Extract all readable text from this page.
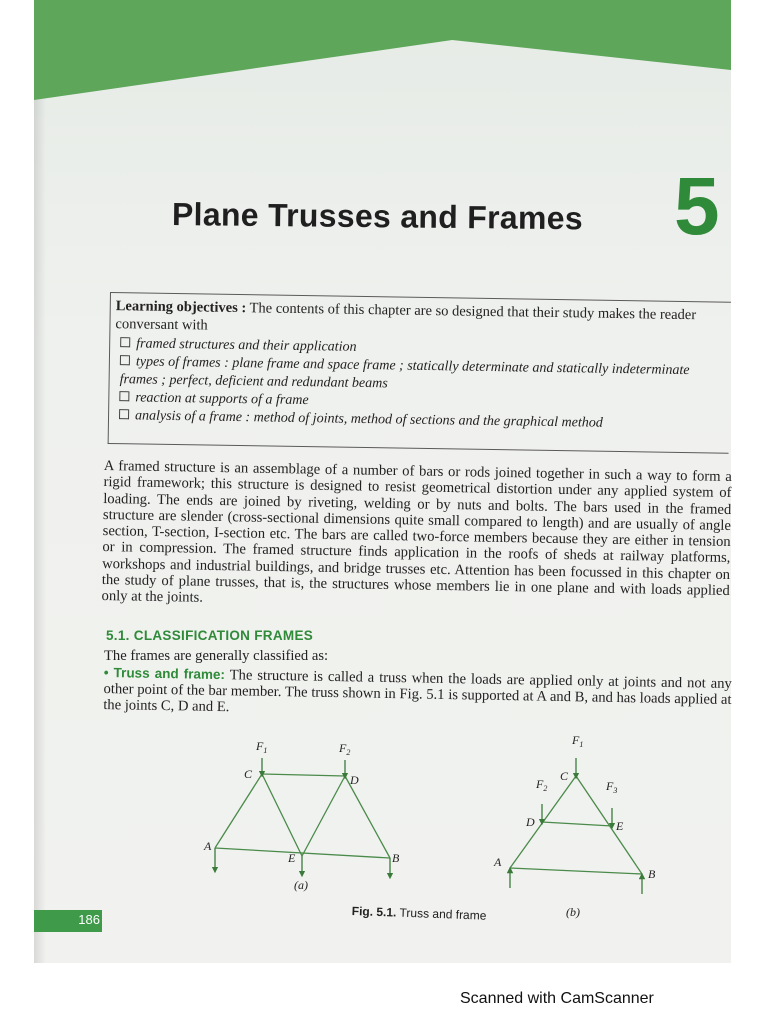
186
Plane Trusses and Frames 5
Learning objectives : The contents of this chapter are so designed that their study makes the reader conversant with
framed structures and their application
types of frames : plane frame and space frame ; statically determinate and statically indeterminate frames ; perfect, deficient and redundant beams
reaction at supports of a frame
analysis of a frame : method of joints, method of sections and the graphical method
A framed structure is an assemblage of a number of bars or rods joined together in such a way to form a rigid framework; this structure is designed to resist geometrical distortion under any applied system of loading. The ends are joined by riveting, welding or by nuts and bolts. The bars used in the framed structure are slender (cross-sectional dimensions quite small compared to length) and are usually of angle section, T-section, I-section etc. The bars are called two-force members because they are either in tension or in compression. The framed structure finds application in the roofs of sheds at railway platforms, workshops and industrial buildings, and bridge trusses etc. Attention has been focussed in this chapter on the study of plane trusses, that is, the structures whose members lie in one plane and with loads applied only at the joints.
5.1. CLASSIFICATION FRAMES
The frames are generally classified as:
• Truss and frame: The structure is called a truss when the loads are applied only at joints and not any other point of the bar member. The truss shown in Fig. 5.1 is supported at A and B, and has loads applied at the joints C, D and E.
A
C	D
E	B
$F_1$	$F_2$
(a)
A
C
D	E
B
$F_1$
$F_2$	$F_3$
(b)
Fig. 5.1. Truss and frame
Scanned with CamScanner
